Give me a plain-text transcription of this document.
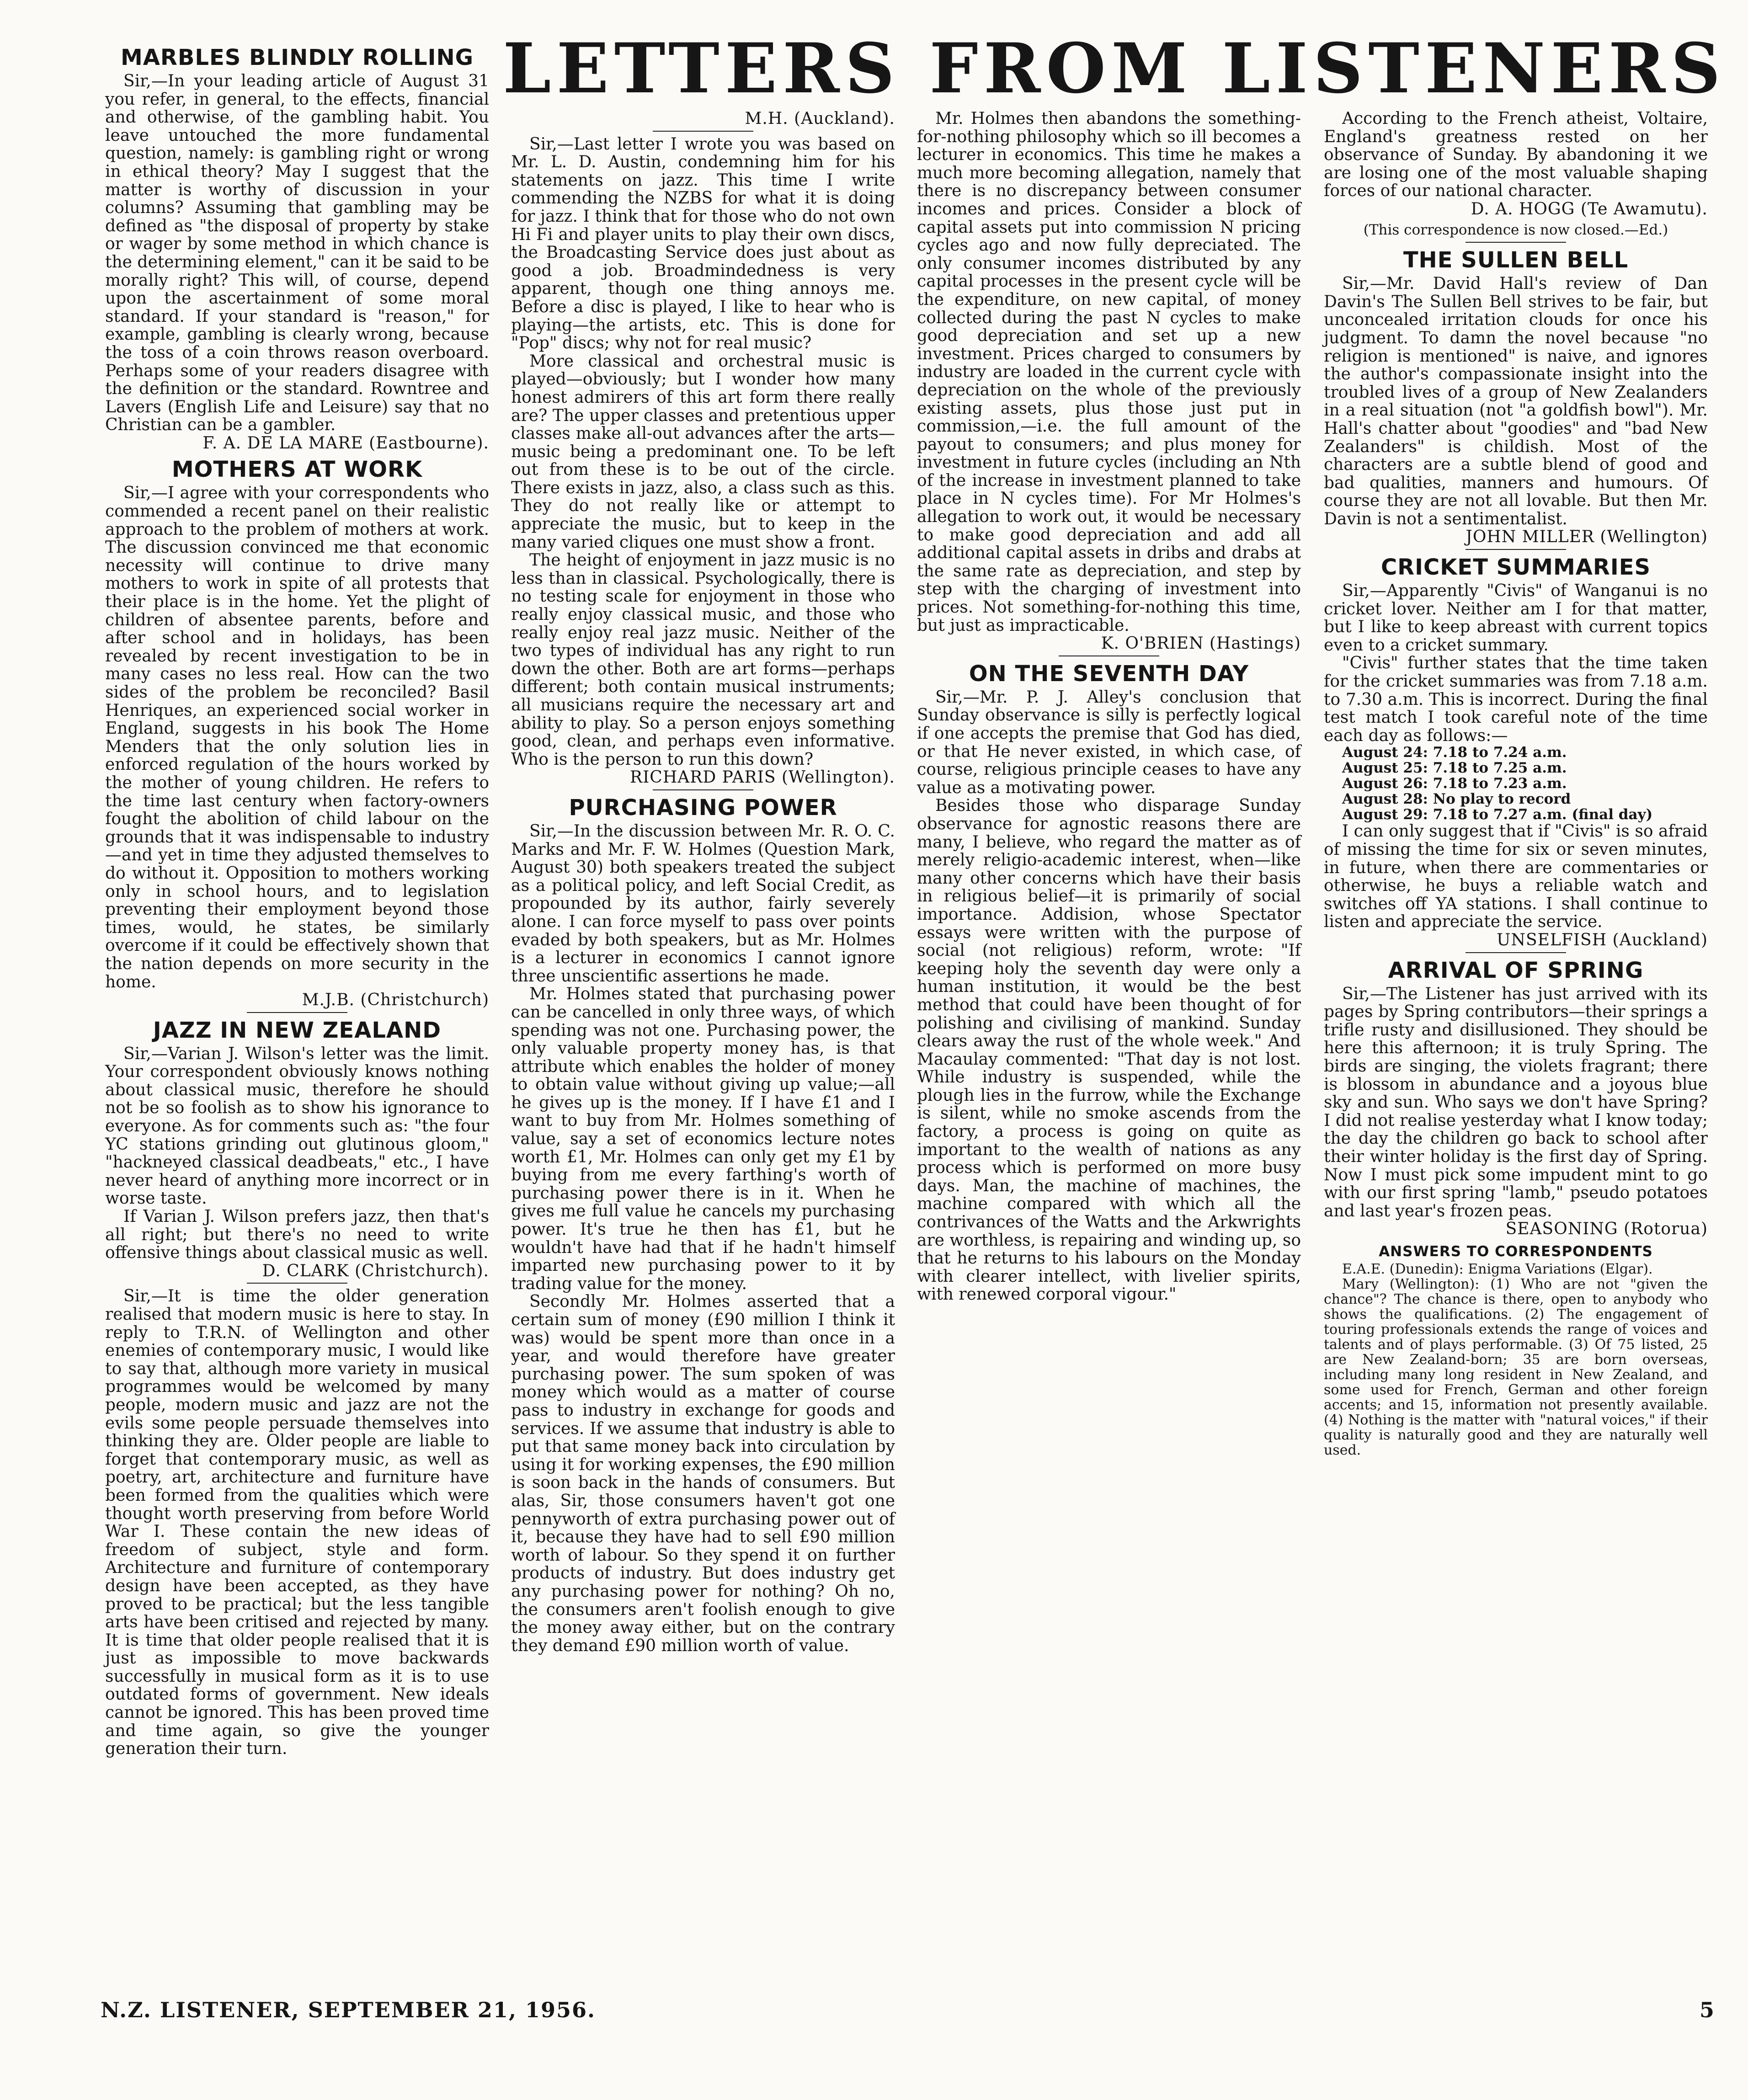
LETTERS FROM LISTENERS
MARBLES BLINDLY ROLLING

Sir,—In your leading article of August 31 you refer, in general, to the effects, financial and otherwise, of the gambling habit. You leave untouched the more fundamental question, namely: is gambling right or wrong in ethical theory? May I suggest that the matter is worthy of discussion in your columns? Assuming that gambling may be defined as "the disposal of property by stake or wager by some method in which chance is the determining element," can it be said to be morally right? This will, of course, depend upon the ascertainment of some moral standard. If your standard is "reason," for example, gambling is clearly wrong, because the toss of a coin throws reason overboard. Perhaps some of your readers disagree with the definition or the standard. Rowntree and Lavers (English Life and Leisure) say that no Christian can be a gambler.

F. A. DE LA MARE (Eastbourne).

MOTHERS AT WORK

Sir,—I agree with your correspondents who commended a recent panel on their realistic approach to the problem of mothers at work. The discussion convinced me that economic necessity will continue to drive many mothers to work in spite of all protests that their place is in the home. Yet the plight of children of absentee parents, before and after school and in holidays, has been revealed by recent investigation to be in many cases no less real. How can the two sides of the problem be reconciled? Basil Henriques, an experienced social worker in England, suggests in his book The Home Menders that the only solution lies in enforced regulation of the hours worked by the mother of young children. He refers to the time last century when factory-owners fought the abolition of child labour on the grounds that it was indispensable to industry—and yet in time they adjusted themselves to do without it. Opposition to mothers working only in school hours, and to legislation preventing their employment beyond those times, would, he states, be similarly overcome if it could be effectively shown that the nation depends on more security in the home.

M.J.B. (Christchurch)

JAZZ IN NEW ZEALAND

Sir,—Varian J. Wilson's letter was the limit. Your correspondent obviously knows nothing about classical music, therefore he should not be so foolish as to show his ignorance to everyone. As for comments such as: "the four YC stations grinding out glutinous gloom," "hackneyed classical deadbeats," etc., I have never heard of anything more incorrect or in worse taste.

If Varian J. Wilson prefers jazz, then that's all right; but there's no need to write offensive things about classical music as well.

D. CLARK (Christchurch).

Sir,—It is time the older generation realised that modern music is here to stay. In reply to T.R.N. of Wellington and other enemies of contemporary music, I would like to say that, although more variety in musical programmes would be welcomed by many people, modern music and jazz are not the evils some people persuade themselves into thinking they are. Older people are liable to forget that contemporary music, as well as poetry, art, architecture and furniture have been formed from the qualities which were thought worth preserving from before World War I. These contain the new ideas of freedom of subject, style and form. Architecture and furniture of contemporary design have been accepted, as they have proved to be practical; but the less tangible arts have been critised and rejected by many. It is time that older people realised that it is just as impossible to move backwards successfully in musical form as it is to use outdated forms of government. New ideals cannot be ignored. This has been proved time and time again, so give the younger generation their turn.

M.H. (Auckland).

Sir,—Last letter I wrote you was based on Mr. L. D. Austin, condemning him for his statements on jazz. This time I write commending the NZBS for what it is doing for jazz. I think that for those who do not own Hi Fi and player units to play their own discs, the Broadcasting Service does just about as good a job. Broadmindedness is very apparent, though one thing annoys me. Before a disc is played, I like to hear who is playing—the artists, etc. This is done for "Pop" discs; why not for real music?

More classical and orchestral music is played—obviously; but I wonder how many honest admirers of this art form there really are? The upper classes and pretentious upper classes make all-out advances after the arts—music being a predominant one. To be left out from these is to be out of the circle. There exists in jazz, also, a class such as this. They do not really like or attempt to appreciate the music, but to keep in the many varied cliques one must show a front.

The height of enjoyment in jazz music is no less than in classical. Psychologically, there is no testing scale for enjoyment in those who really enjoy classical music, and those who really enjoy real jazz music. Neither of the two types of individual has any right to run down the other. Both are art forms—perhaps different; both contain musical instruments; all musicians require the necessary art and ability to play. So a person enjoys something good, clean, and perhaps even informative. Who is the person to run this down?

RICHARD PARIS (Wellington).

PURCHASING POWER

Sir,—In the discussion between Mr. R. O. C. Marks and Mr. F. W. Holmes (Question Mark, August 30) both speakers treated the subject as a political policy, and left Social Credit, as propounded by its author, fairly severely alone. I can force myself to pass over points evaded by both speakers, but as Mr. Holmes is a lecturer in economics I cannot ignore three unscientific assertions he made.

Mr. Holmes stated that purchasing power can be cancelled in only three ways, of which spending was not one. Purchasing power, the only valuable property money has, is that attribute which enables the holder of money to obtain value without giving up value;—all he gives up is the money. If I have £1 and I want to buy from Mr. Holmes something of value, say a set of economics lecture notes worth £1, Mr. Holmes can only get my £1 by buying from me every farthing's worth of purchasing power there is in it. When he gives me full value he cancels my purchasing power. It's true he then has £1, but he wouldn't have had that if he hadn't himself imparted new purchasing power to it by trading value for the money.

Secondly Mr. Holmes asserted that a certain sum of money (£90 million I think it was) would be spent more than once in a year, and would therefore have greater purchasing power. The sum spoken of was money which would as a matter of course pass to industry in exchange for goods and services. If we assume that industry is able to put that same money back into circulation by using it for working expenses, the £90 million is soon back in the hands of consumers. But alas, Sir, those consumers haven't got one pennyworth of extra purchasing power out of it, because they have had to sell £90 million worth of labour. So they spend it on further products of industry. But does industry get any purchasing power for nothing? Oh no, the consumers aren't foolish enough to give the money away either, but on the contrary they demand £90 million worth of value.

Mr. Holmes then abandons the something-for-nothing philosophy which so ill becomes a lecturer in economics. This time he makes a much more becoming allegation, namely that there is no discrepancy between consumer incomes and prices. Consider a block of capital assets put into commission N pricing cycles ago and now fully depreciated. The only consumer incomes distributed by any capital processes in the present cycle will be the expenditure, on new capital, of money collected during the past N cycles to make good depreciation and set up a new investment. Prices charged to consumers by industry are loaded in the current cycle with depreciation on the whole of the previously existing assets, plus those just put in commission,—i.e. the full amount of the payout to consumers; and plus money for investment in future cycles (including an Nth of the increase in investment planned to take place in N cycles time). For Mr Holmes's allegation to work out, it would be necessary to make good depreciation and add all additional capital assets in dribs and drabs at the same rate as depreciation, and step by step with the charging of investment into prices. Not something-for-nothing this time, but just as impracticable.

K. O'BRIEN (Hastings)

ON THE SEVENTH DAY

Sir,—Mr. P. J. Alley's conclusion that Sunday observance is silly is perfectly logical if one accepts the premise that God has died, or that He never existed, in which case, of course, religious principle ceases to have any value as a motivating power.

Besides those who disparage Sunday observance for agnostic reasons there are many, I believe, who regard the matter as of merely religio-academic interest, when—like many other concerns which have their basis in religious belief—it is primarily of social importance. Addision, whose Spectator essays were written with the purpose of social (not religious) reform, wrote: "If keeping holy the seventh day were only a human institution, it would be the best method that could have been thought of for polishing and civilising of mankind. Sunday clears away the rust of the whole week." And Macaulay commented: "That day is not lost. While industry is suspended, while the plough lies in the furrow, while the Exchange is silent, while no smoke ascends from the factory, a process is going on quite as important to the wealth of nations as any process which is performed on more busy days. Man, the machine of machines, the machine compared with which all the contrivances of the Watts and the Arkwrights are worthless, is repairing and winding up, so that he returns to his labours on the Monday with clearer intellect, with livelier spirits, with renewed corporal vigour."

According to the French atheist, Voltaire, England's greatness rested on her observance of Sunday. By abandoning it we are losing one of the most valuable shaping forces of our national character.

D. A. HOGG (Te Awamutu).

(This correspondence is now closed.—Ed.)

THE SULLEN BELL

Sir,—Mr. David Hall's review of Dan Davin's The Sullen Bell strives to be fair, but unconcealed irritation clouds for once his judgment. To damn the novel because "no religion is mentioned" is naive, and ignores the author's compassionate insight into the troubled lives of a group of New Zealanders in a real situation (not "a goldfish bowl"). Mr. Hall's chatter about "goodies" and "bad New Zealanders" is childish. Most of the characters are a subtle blend of good and bad qualities, manners and humours. Of course they are not all lovable. But then Mr. Davin is not a sentimentalist.

JOHN MILLER (Wellington)

CRICKET SUMMARIES

Sir,—Apparently "Civis" of Wanganui is no cricket lover. Neither am I for that matter, but I like to keep abreast with current topics even to a cricket summary.

"Civis" further states that the time taken for the cricket summaries was from 7.18 a.m. to 7.30 a.m. This is incorrect. During the final test match I took careful note of the time each day as follows:—

August 24: 7.18 to 7.24 a.m.
August 25: 7.18 to 7.25 a.m.
August 26: 7.18 to 7.23 a.m.
August 28: No play to record
August 29: 7.18 to 7.27 a.m. (final day)

I can only suggest that if "Civis" is so afraid of missing the time for six or seven minutes, in future, when there are commentaries or otherwise, he buys a reliable watch and switches off YA stations. I shall continue to listen and appreciate the service.

UNSELFISH (Auckland)

ARRIVAL OF SPRING

Sir,—The Listener has just arrived with its pages by Spring contributors—their springs a trifle rusty and disillusioned. They should be here this afternoon; it is truly Spring. The birds are singing, the violets fragrant; there is blossom in abundance and a joyous blue sky and sun. Who says we don't have Spring? I did not realise yesterday what I know today; the day the children go back to school after their winter holiday is the first day of Spring. Now I must pick some impudent mint to go with our first spring "lamb," pseudo potatoes and last year's frozen peas.

SEASONING (Rotorua)

ANSWERS TO CORRESPONDENTS

E.A.E. (Dunedin): Enigma Variations (Elgar).

Mary (Wellington): (1) Who are not "given the chance"? The chance is there, open to anybody who shows the qualifications. (2) The engagement of touring professionals extends the range of voices and talents and of plays performable. (3) Of 75 listed, 25 are New Zealand-born; 35 are born overseas, including many long resident in New Zealand, and some used for French, German and other foreign accents; and 15, information not presently available. (4) Nothing is the matter with "natural voices," if their quality is naturally good and they are naturally well used.

N.Z. LISTENER, SEPTEMBER 21, 1956.	5
